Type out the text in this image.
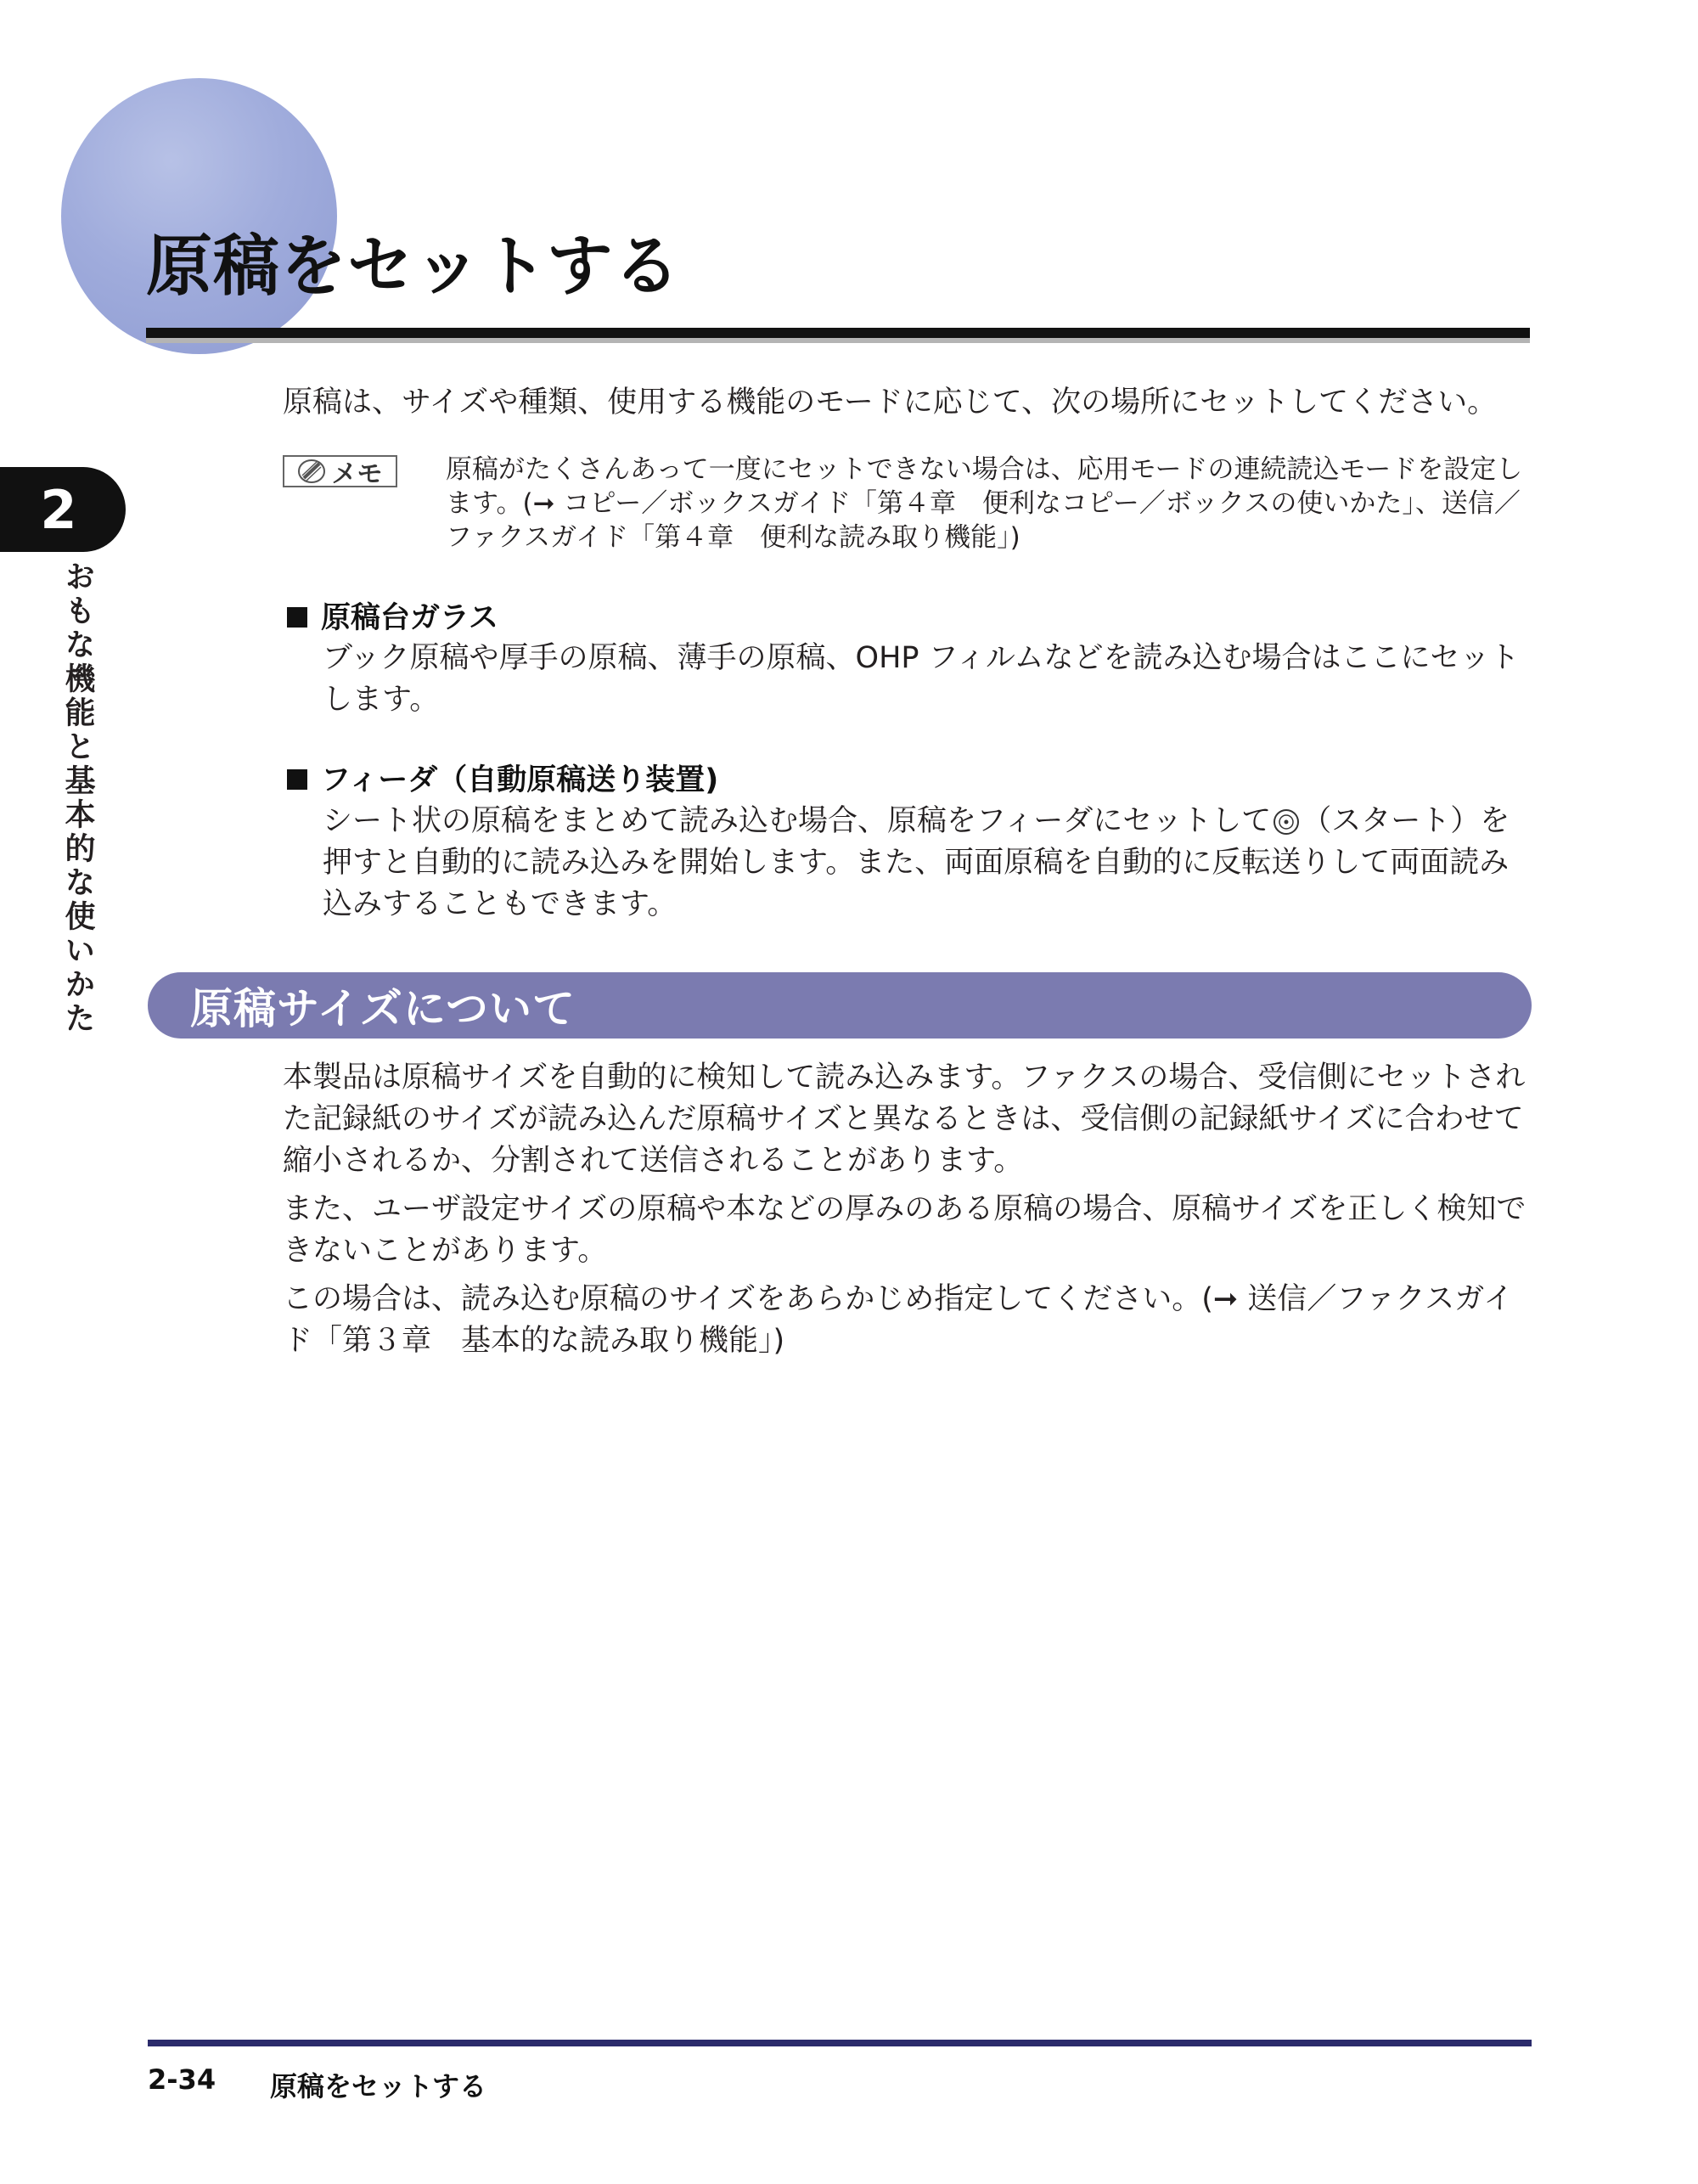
原稿をセットする
2
おもな機能と基本的な使いかた

原稿は、サイズや種類、使用する機能のモードに応じて、次の場所にセットしてください。

メモ 原稿がたくさんあって一度にセットできない場合は、応用モードの連続読込モードを設定します。(➞ コピー／ボックスガイド「第４章　便利なコピー／ボックスの使いかた」、送信／ファクスガイド「第４章　便利な読み取り機能」)

原稿台ガラス

ブック原稿や厚手の原稿、薄手の原稿、OHP フィルムなどを読み込む場合はここにセットします。

フィーダ（自動原稿送り装置)

シート状の原稿をまとめて読み込む場合、原稿をフィーダにセットして （スタート）を押すと自動的に読み込みを開始します。また、両面原稿を自動的に反転送りして両面読み込みすることもできます。

原稿サイズについて

本製品は原稿サイズを自動的に検知して読み込みます。ファクスの場合、受信側にセットされた記録紙のサイズが読み込んだ原稿サイズと異なるときは、受信側の記録紙サイズに合わせて縮小されるか、分割されて送信されることがあります。

また、ユーザ設定サイズの原稿や本などの厚みのある原稿の場合、原稿サイズを正しく検知できないことがあります。

この場合は、読み込む原稿のサイズをあらかじめ指定してください。(➞ 送信／ファクスガイド「第３章　基本的な読み取り機能」)

2-34 原稿をセットする
